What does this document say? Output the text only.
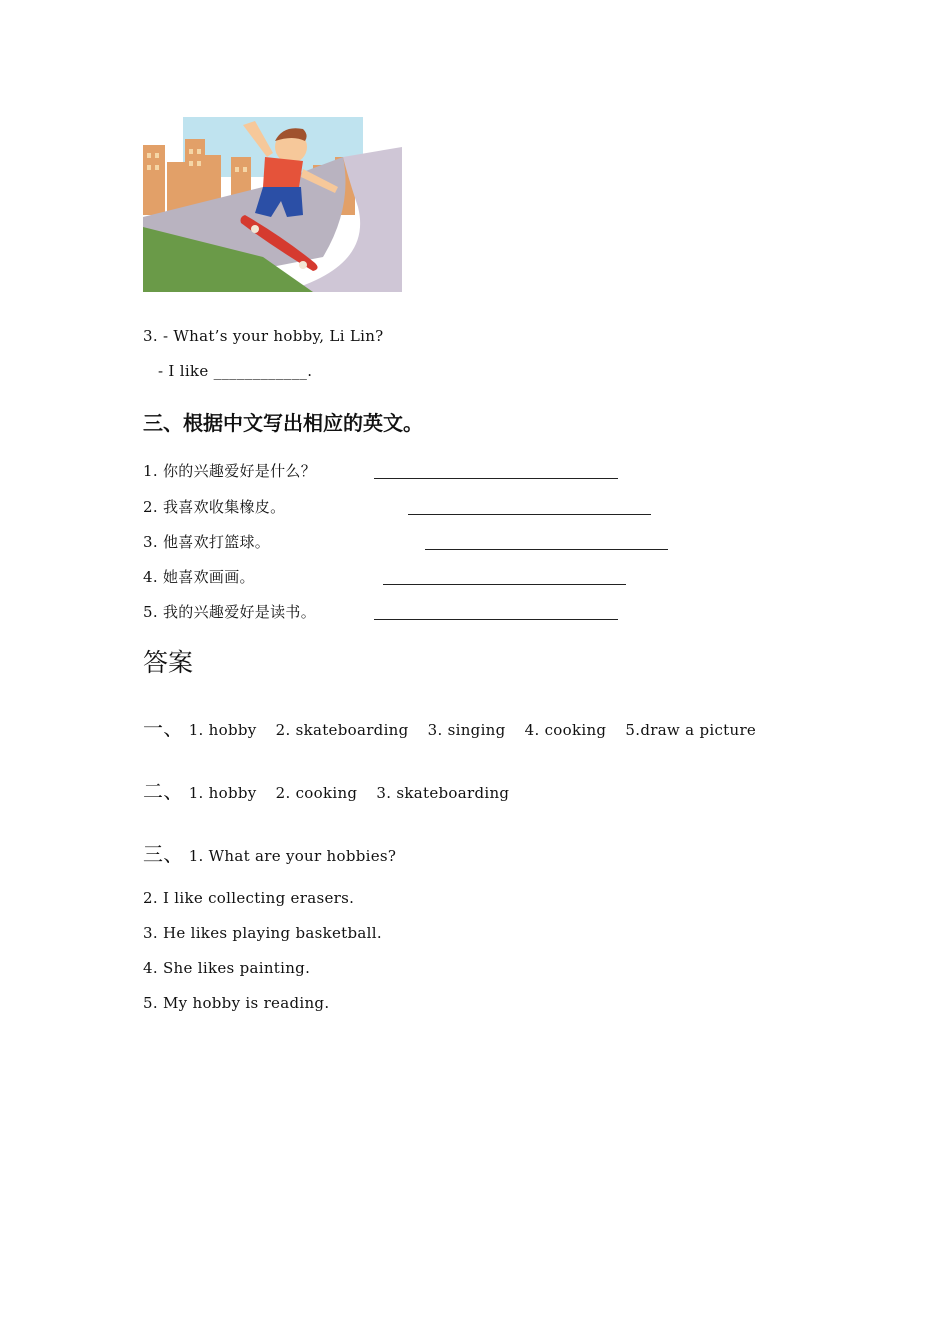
3. - What’s your hobby, Li Lin?
- I like ____________.
三、根据中文写出相应的英文。
1. 你的兴趣爱好是什么？
2. 我喜欢收集橡皮。
3. 他喜欢打篮球。
4. 她喜欢画画。
5. 我的兴趣爱好是读书。
答案
一、 1. hobby 2. skateboarding 3. singing 4. cooking 5.draw a picture
二、 1. hobby 2. cooking 3. skateboarding
三、 1. What are your hobbies?
2. I like collecting erasers.
3. He likes playing basketball.
4. She likes painting.
5. My hobby is reading.
